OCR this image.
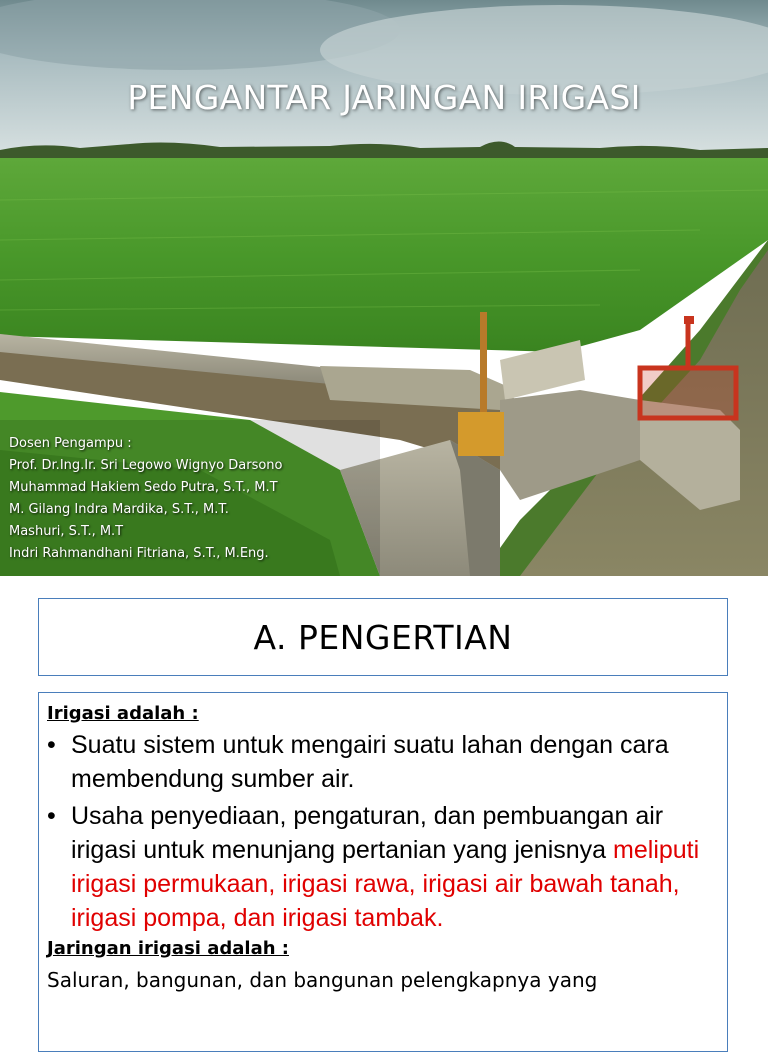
PENGANTAR JARINGAN IRIGASI
Dosen Pengampu :
Prof. Dr.Ing.Ir. Sri Legowo Wignyo Darsono
Muhammad Hakiem Sedo Putra, S.T., M.T
M. Gilang Indra Mardika, S.T., M.T.
Mashuri, S.T., M.T
Indri Rahmandhani Fitriana, S.T., M.Eng.
A. PENGERTIAN
Irigasi adalah :
• Suatu sistem untuk mengairi suatu lahan dengan cara membendung sumber air.
• Usaha penyediaan, pengaturan, dan pembuangan air irigasi untuk menunjang pertanian yang jenisnya meliputi irigasi permukaan, irigasi rawa, irigasi air bawah tanah, irigasi pompa, dan irigasi tambak.
Jaringan irigasi adalah :
Saluran, bangunan, dan bangunan pelengkapnya yang
